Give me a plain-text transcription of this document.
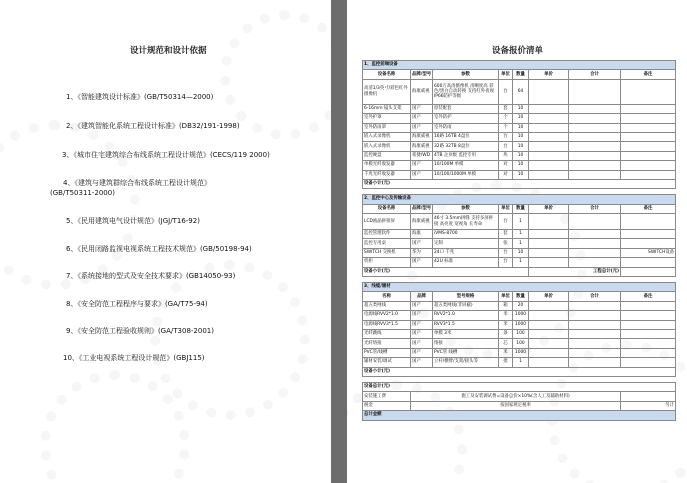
设计规范和设计依据
1、《智能建筑设计标准》(GB/T50314—2000)
2、《建筑智能化系统工程设计标准》(DB32/191-1998)
3、《城市住宅建筑综合布线系统工程设计规范》(CECS/119 2000)
4、《建筑与建筑群综合布线系统工程设计规范》
(GB/T50311-2000)
5、《民用建筑电气设计规范》(JGJ/T16-92)
6、《民用闭路监视电视系统工程技术规范》(GB/50198-94)
7、《系统接地的型式及安全技术要求》(GB14050-93)
8、《安全防范工程程序与要求》(GA/T75-94)
9、《安全防范工程验收规则》(GA/T308-2001)
10、《工业电视系统工程设计规范》(GBJ115)
设备报价清单
1、监控前端设备							
设备名称	品牌/型号	参数	单位	数量	单价	合计	备注
高清1/3英寸/彩色红外摄像机	海康威视	600万高清摄像机 清晰度高 彩色/黑白自动转换 支持红外夜视 IP66防护等级	台	64			
6-16mm 镜头支架	国产	原装配套	套	10			
室外护罩	国产	室外防护	个	10			
室外防雨罩	国产	室外防雨	个	10			
嵌入式录像机	海康威视	16路 16TB 4盘位	台	10			
嵌入式录像机	海康威视	32路 32TB 8盘位	台	10			
监控硬盘	希捷/WD	4TB 企业级 监控专用	块	10			
单模光纤收发器	国产	10/100M 单模	对	10			
千兆光纤收发器	国产	10/100/1000M 单模	对	10			
设备小计(元)							

2、监控中心及传输设备							
设备名称	品牌/型号	参数	单位	数量	单价	合计	备注
LCD液晶拼接屏	海康威视	46寸 3.5mm拼缝 支持多屏拼接 高亮度 宽视角 长寿命	台	1			
监控管理软件	海康	iVMS-8700	套	1			
监控专用桌	国产	定制	张	1			
SWITCH 交换机	华为	24口 千兆	台	10			SWITCH设备
机柜	国产	42U 标准	台	1			
设备小计(元)					工程总计(元)		

3、线缆/辅材							
名称	品牌	型号规格	单位	数量	单价	合计	备注
超五类网线	国产	超五类网线(非屏蔽)	箱	20			
电源线RVV2*1.0	国产	RVV2*1.0	米	1000			
电源线RVV3*1.5	国产	RVV3*1.5	米	1000			
光纤跳线	国产	单模 3米	条	100			
光纤熔接	国产	熔接	芯	100			
PVC管/线槽	国产	PVC管 线槽	米	1000			
辅材安装/调试	国产	立杆/横臂/支架/接头等	批	1			
设备小计(元)							

设备总计(元)							
安装施工费	施工及安装调试费=设备总价×10%(含人工及辅助材料)						
税金	按国家规定税率						另计
总计金额							
